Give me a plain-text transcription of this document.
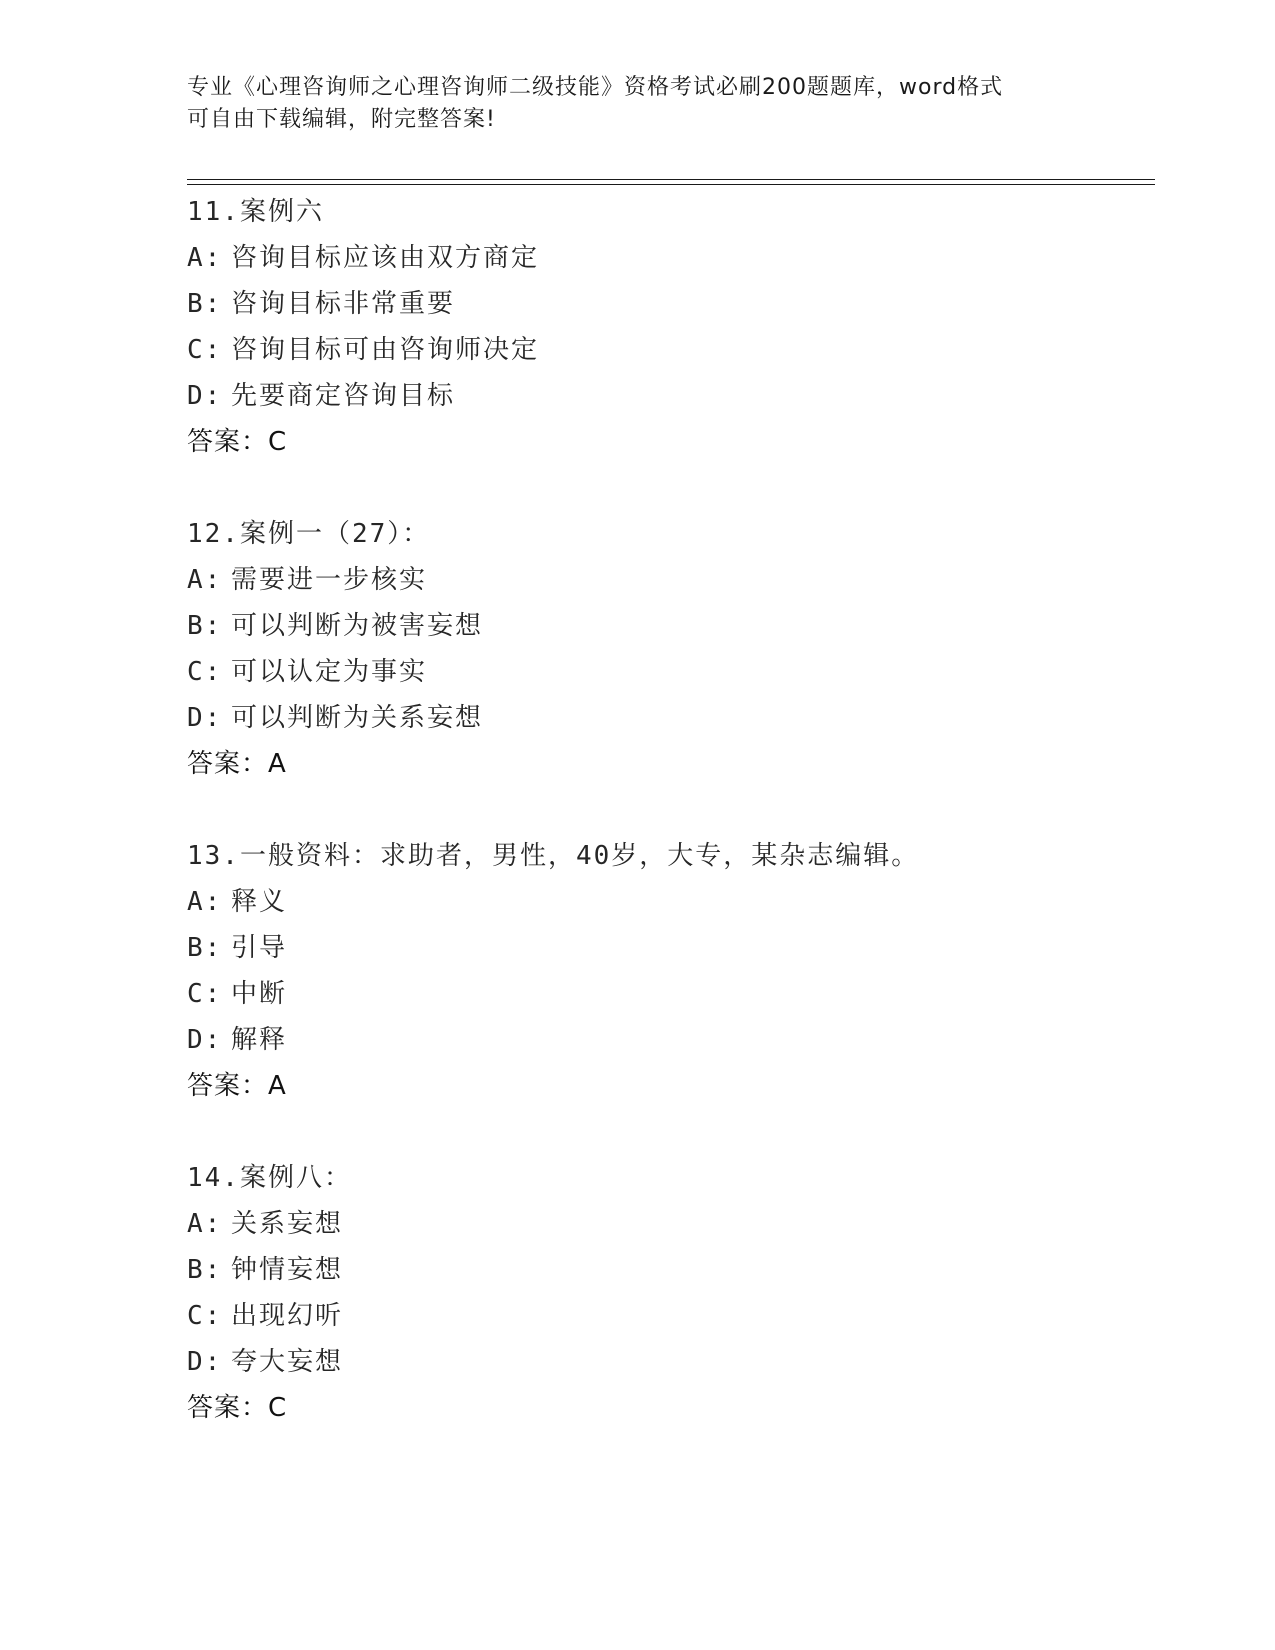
专业《心理咨询师之心理咨询师二级技能》资格考试必刷200题题库，word格式
可自由下载编辑，附完整答案!
11.案例六
A: 咨询目标应该由双方商定
B: 咨询目标非常重要
C: 咨询目标可由咨询师决定
D: 先要商定咨询目标
答案：C
12.案例一（27）：
A: 需要进一步核实
B: 可以判断为被害妄想
C: 可以认定为事实
D: 可以判断为关系妄想
答案：A
13.一般资料：求助者，男性，40岁，大专，某杂志编辑。
A: 释义
B: 引导
C: 中断
D: 解释
答案：A
14.案例八：
A: 关系妄想
B: 钟情妄想
C: 出现幻听
D: 夸大妄想
答案：C
